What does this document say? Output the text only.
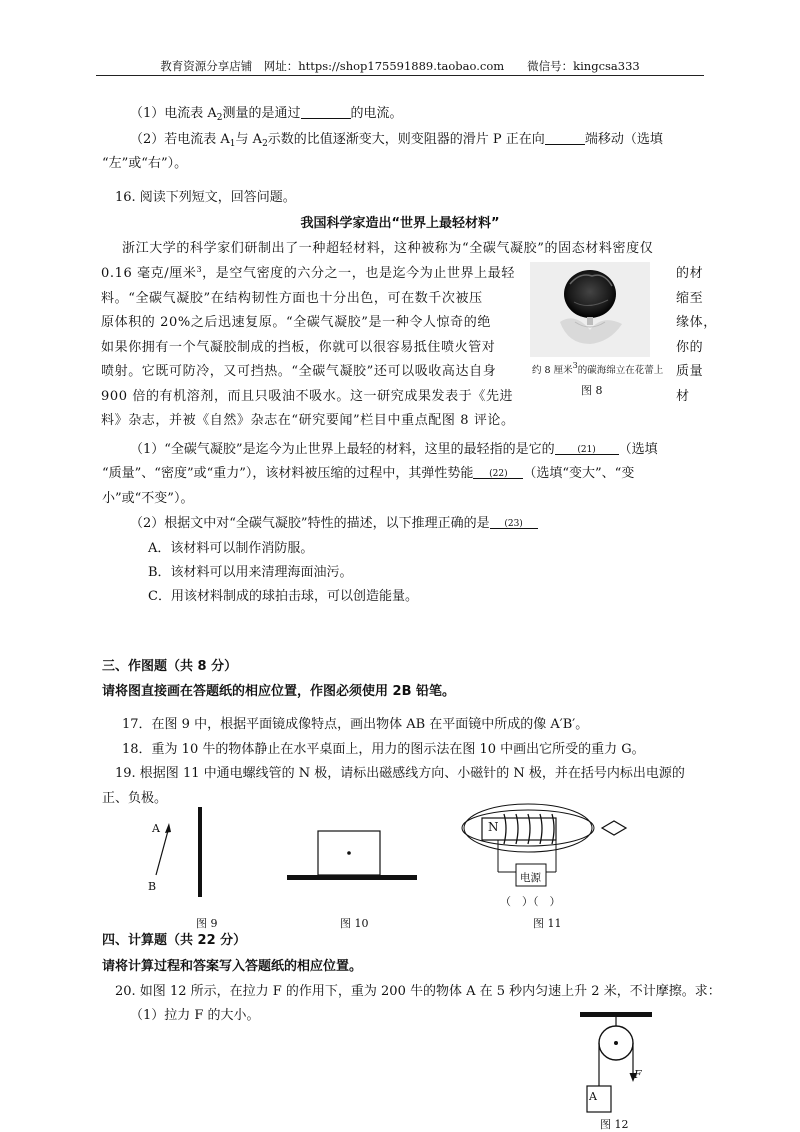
教育资源分享店铺　网址：https://shop175591889.taobao.com　　微信号：kingcsa333
（1）电流表 $A_2$测量的是通过	的电流。
（2）若电流表 $A_1$与 $A_2$示数的比值逐渐变大，则变阻器的滑片 P 正在向	端移动（选填
“左”或“右”）。
16. 阅读下列短文，回答问题。
我国科学家造出“世界上最轻材料”
浙江大学的科学家们研制出了一种超轻材料，这种被称为“全碳气凝胶”的固态材料密度仅
0.16 毫克/厘米$^3$，是空气密度的六分之一，也是迄今为止世界上最轻	的材
料。“全碳气凝胶”在结构韧性方面也十分出色，可在数千次被压	缩至
原体积的 20%之后迅速复原。“全碳气凝胶”是一种令人惊奇的绝	缘体，
如果你拥有一个气凝胶制成的挡板，你就可以很容易抵住喷火管对	你的
喷射。它既可防冷，又可挡热。“全碳气凝胶”还可以吸收高达自身	质量
900 倍的有机溶剂，而且只吸油不吸水。这一研究成果发表于《先进	材
料》杂志，并被《自然》杂志在“研究要闻”栏目中重点配图 8 评论。
约 8 厘米$^3$的碳海绵立在花蕾上
图 8
（1）“全碳气凝胶”是迄今为止世界上最轻的材料，这里的最轻指的是它的	(21)	（选填
“质量”、“密度”或“重力”），该材料被压缩的过程中，其弹性势能	(22)	（选填“变大”、“变
小”或“不变”）。
（2）根据文中对“全碳气凝胶”特性的描述，以下推理正确的是	(23)
A．该材料可以制作消防服。
B．该材料可以用来清理海面油污。
C．用该材料制成的球拍击球，可以创造能量。
三、作图题（共 8 分）
请将图直接画在答题纸的相应位置，作图必须使用 2B 铅笔。
17．在图 9 中，根据平面镜成像特点，画出物体 AB 在平面镜中所成的像 A′B′。
18．重为 10 牛的物体静止在水平桌面上，用力的图示法在图 10 中画出它所受的重力 G。
19. 根据图 11 中通电螺线管的 N 极，请标出磁感线方向、小磁针的 N 极，并在括号内标出电源的
正、负极。
A
B
图 9	图 10
N
电源
（　）（　）
图 11
四、计算题（共 22 分）
请将计算过程和答案写入答题纸的相应位置。
20. 如图 12 所示，在拉力 F 的作用下，重为 200 牛的物体 A 在 5 秒内匀速上升 2 米，不计摩擦。求：
（1）拉力 F 的大小。
A
F
图 12
